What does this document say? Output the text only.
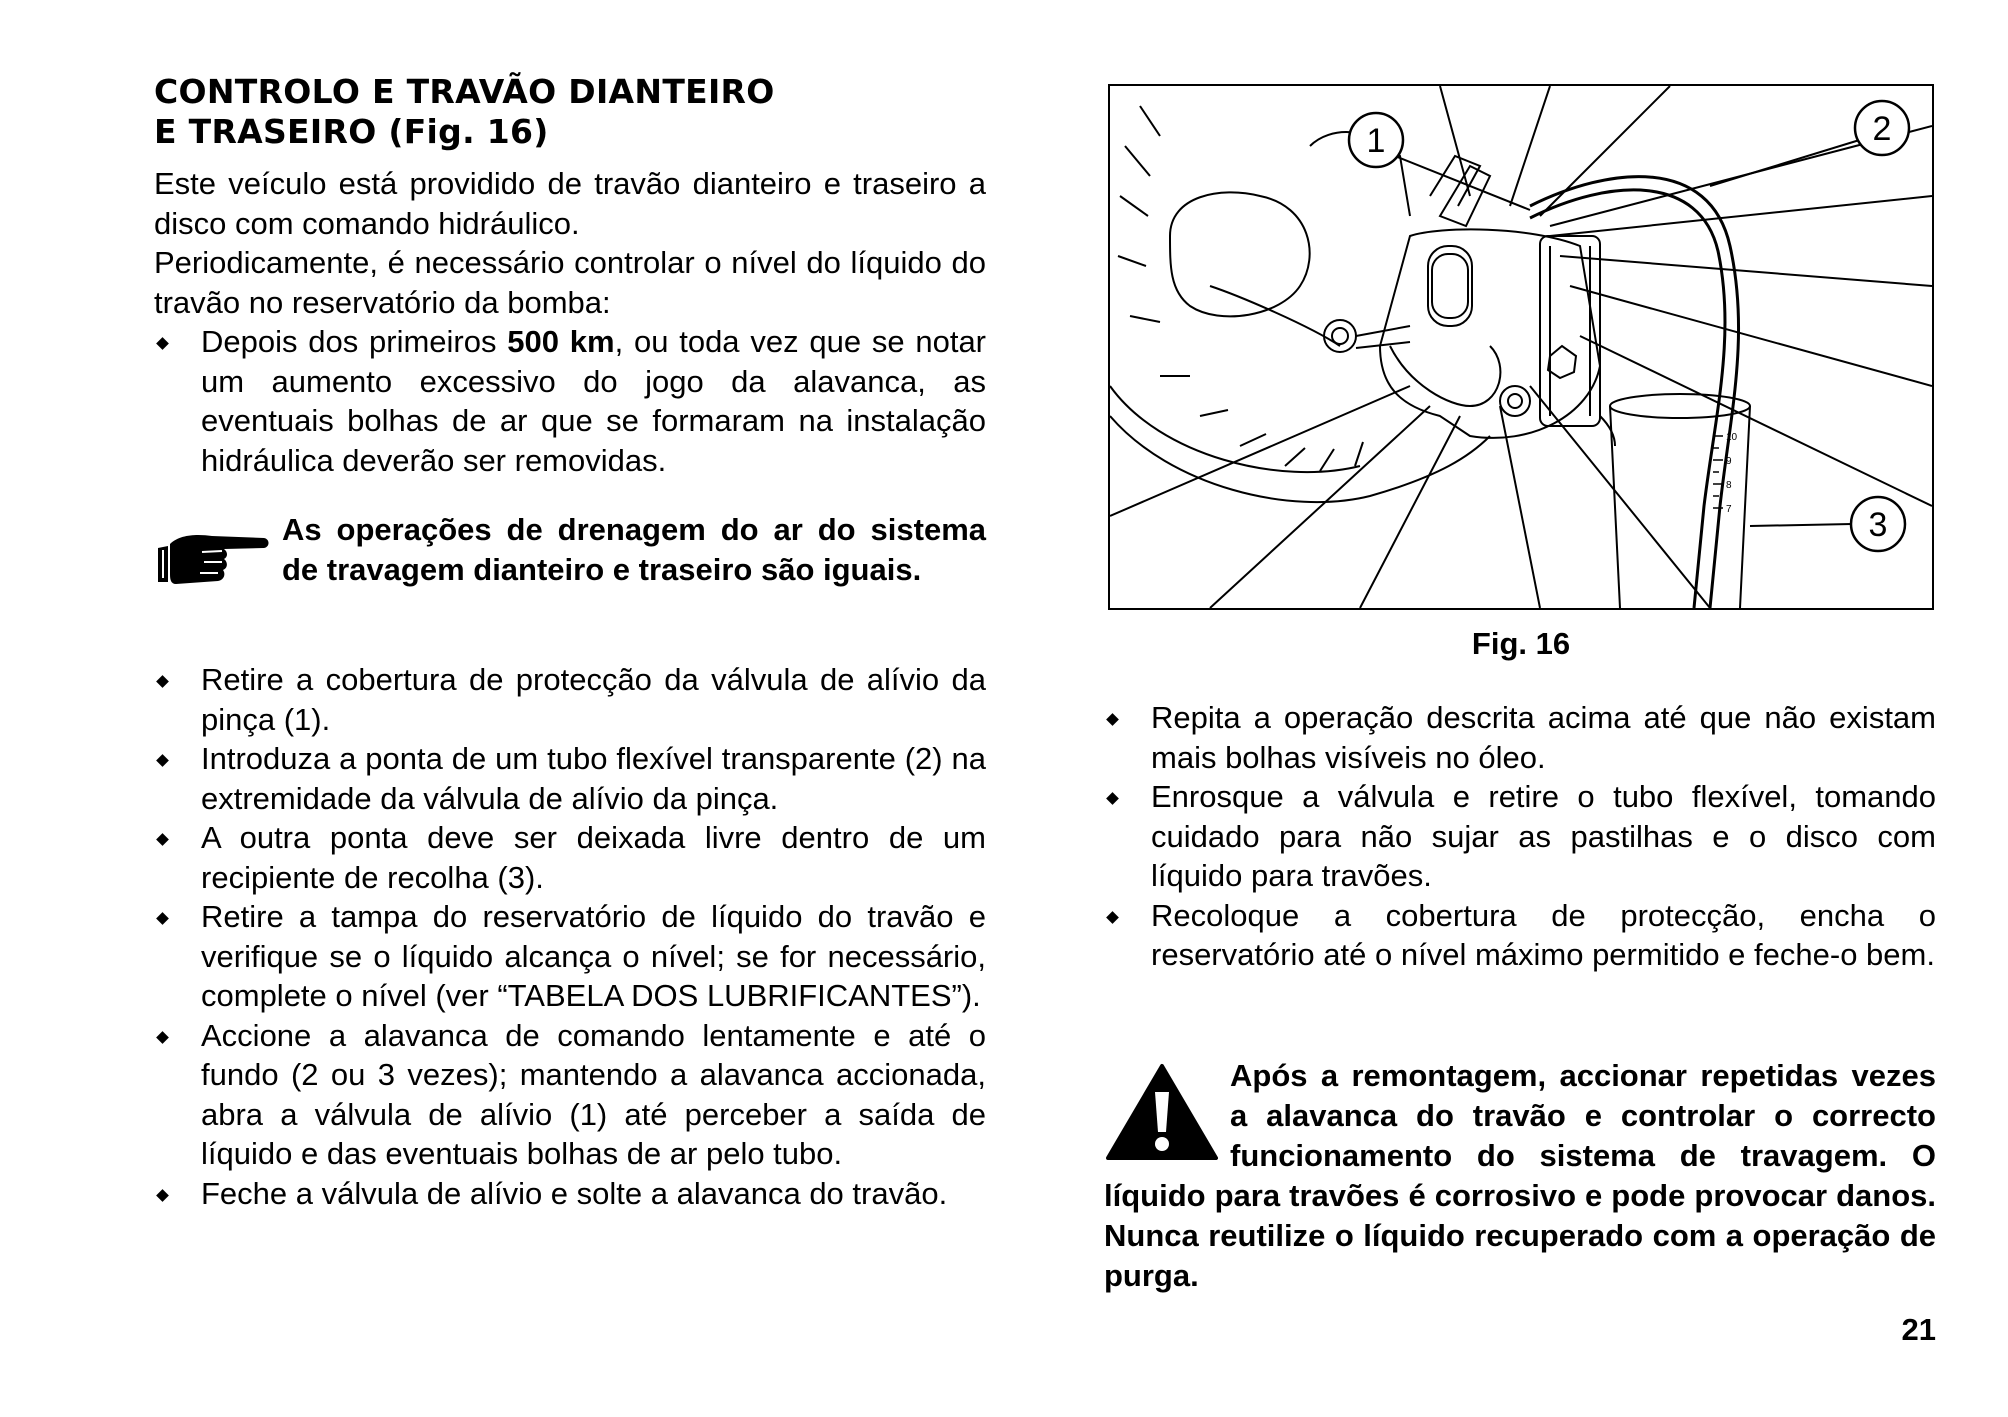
CONTROLO E TRAVÃO DIANTEIRO
E TRASEIRO (Fig. 16)

Este veículo está providido de travão dianteiro e traseiro a disco com comando hidráulico.

Periodicamente, é necessário controlar o nível do líquido do travão no reservatório da bomba:

Depois dos primeiros 500 km, ou toda vez que se notar um aumento excessivo do jogo da alavanca, as eventuais bolhas de ar que se formaram na instalação hidráulica deverão ser removidas.
As operações de drenagem do ar do sistema de travagem dianteiro e traseiro são iguais.
Retire a cobertura de protecção da válvula de alívio da pinça (1).
Introduza a ponta de um tubo flexível transparente (2) na extremidade da válvula de alívio da pinça.
A outra ponta deve ser deixada livre dentro de um recipiente de recolha (3).
Retire a tampa do reservatório de líquido do travão e verifique se o líquido alcança o nível; se for necessário, complete o nível (ver “TABELA DOS LUBRIFICANTES”).
Accione a alavanca de comando lentamente e até o fundo (2 ou 3 vezes); mantendo a alavanca accionada, abra a válvula de alívio (1) até perceber a saída de líquido e das eventuais bolhas de ar pelo tubo.
Feche a válvula de alívio e solte a alavanca do travão.
10
9
8
7
1	2
3
Fig. 16
Repita a operação descrita acima até que não existam mais bolhas visíveis no óleo.
Enrosque a válvula e retire o tubo flexível, tomando cuidado para não sujar as pastilhas e o disco com líquido para travões.
Recoloque a cobertura de protecção, encha o reservatório até o nível máximo permitido e feche-o bem.
Após a remontagem, accionar repetidas vezes a alavanca do travão e controlar o correcto funcionamento do sistema de travagem. O líquido para travões é corrosivo e pode provocar danos. Nunca reutilize o líquido recuperado com a operação de purga.
21
